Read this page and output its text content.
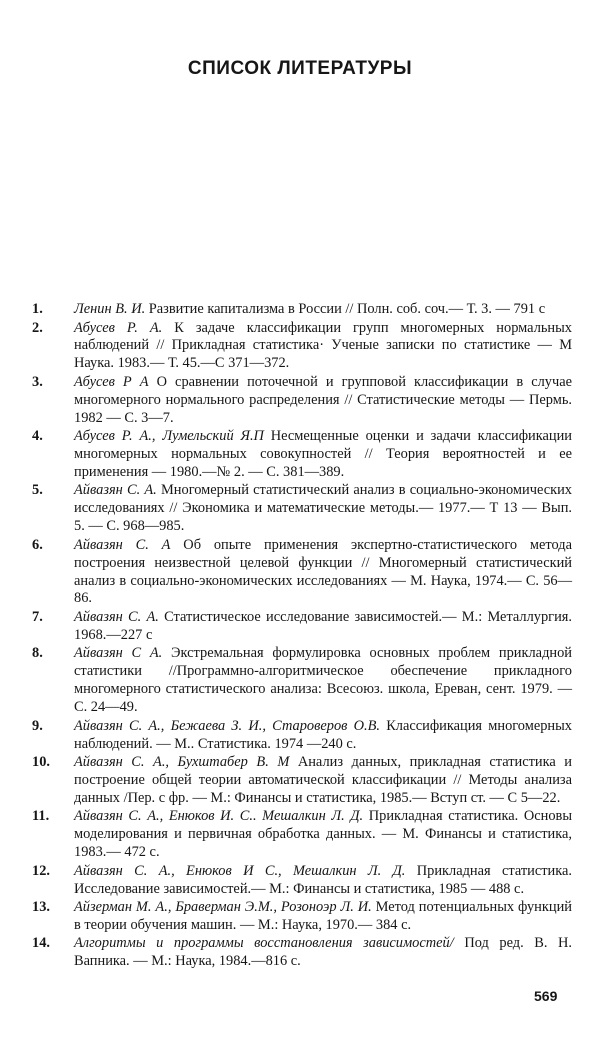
СПИСОК ЛИТЕРАТУРЫ
1.	Ленин В. И. Развитие капитализма в России // Полн. соб. соч.— Т. 3. — 791 с
2.	Абусев Р. А. К задаче классификации групп многомерных нормальных наблюдений // Прикладная статистика· Ученые записки по статистике — М Наука. 1983.— Т. 45.—С 371—372.
3.	Абусев Р А О сравнении поточечной и групповой классификации в случае многомерного нормального распределения // Статистические методы — Пермь. 1982 — С. 3—7.
4.	Абусев Р. А., Лумельский Я.П Несмещенные оценки и задачи классификации многомерных нормальных совокупностей // Теория вероятностей и ее применения — 1980.—№ 2. — С. 381—389.
5.	Айвазян С. А. Многомерный статистический анализ в социально-экономических исследованиях // Экономика и математические методы.— 1977.— Т 13 — Вып. 5. — С. 968—985.
6.	Айвазян С. А Об опыте применения экспертно-статистического метода построения неизвестной целевой функции // Многомерный статистический анализ в социально-экономических исследованиях — М. Наука, 1974.— С. 56—86.
7.	Айвазян С. А. Статистическое исследование зависимостей.— М.: Металлургия. 1968.—227 с
8.	Айвазян С А. Экстремальная формулировка основных проблем прикладной статистики //Программно-алгоритмическое обеспечение прикладного многомерного статистического анализа: Всесоюз. школа, Ереван, сент. 1979. — С. 24—49.
9.	Айвазян С. А., Бежаева З. И., Староверов О.В. Классификация многомерных наблюдений. — М.. Статистика. 1974 —240 с.
10.	Айвазян С. А., Бухштабер В. М Анализ данных, прикладная статистика и построение общей теории автоматической классификации // Методы анализа данных /Пер. с фр. — М.: Финансы и статистика, 1985.— Вступ ст. — С 5—22.
11.	Айвазян С. А., Енюков И. С.. Мешалкин Л. Д. Прикладная статистика. Основы моделирования и первичная обработка данных. — М. Финансы и статистика, 1983.— 472 с.
12.	Айвазян С. А., Енюков И С., Мешалкин Л. Д. Прикладная статистика. Исследование зависимостей.— М.: Финансы и статистика, 1985 — 488 с.
13.	Айзерман М. А., Браверман Э.М., Розоноэр Л. И. Метод потенциальных функций в теории обучения машин. — М.: Наука, 1970.— 384 с.
14.	Алгоритмы и программы восстановления зависимостей/ Под ред. В. Н. Вапника. — М.: Наука, 1984.—816 с.
569
